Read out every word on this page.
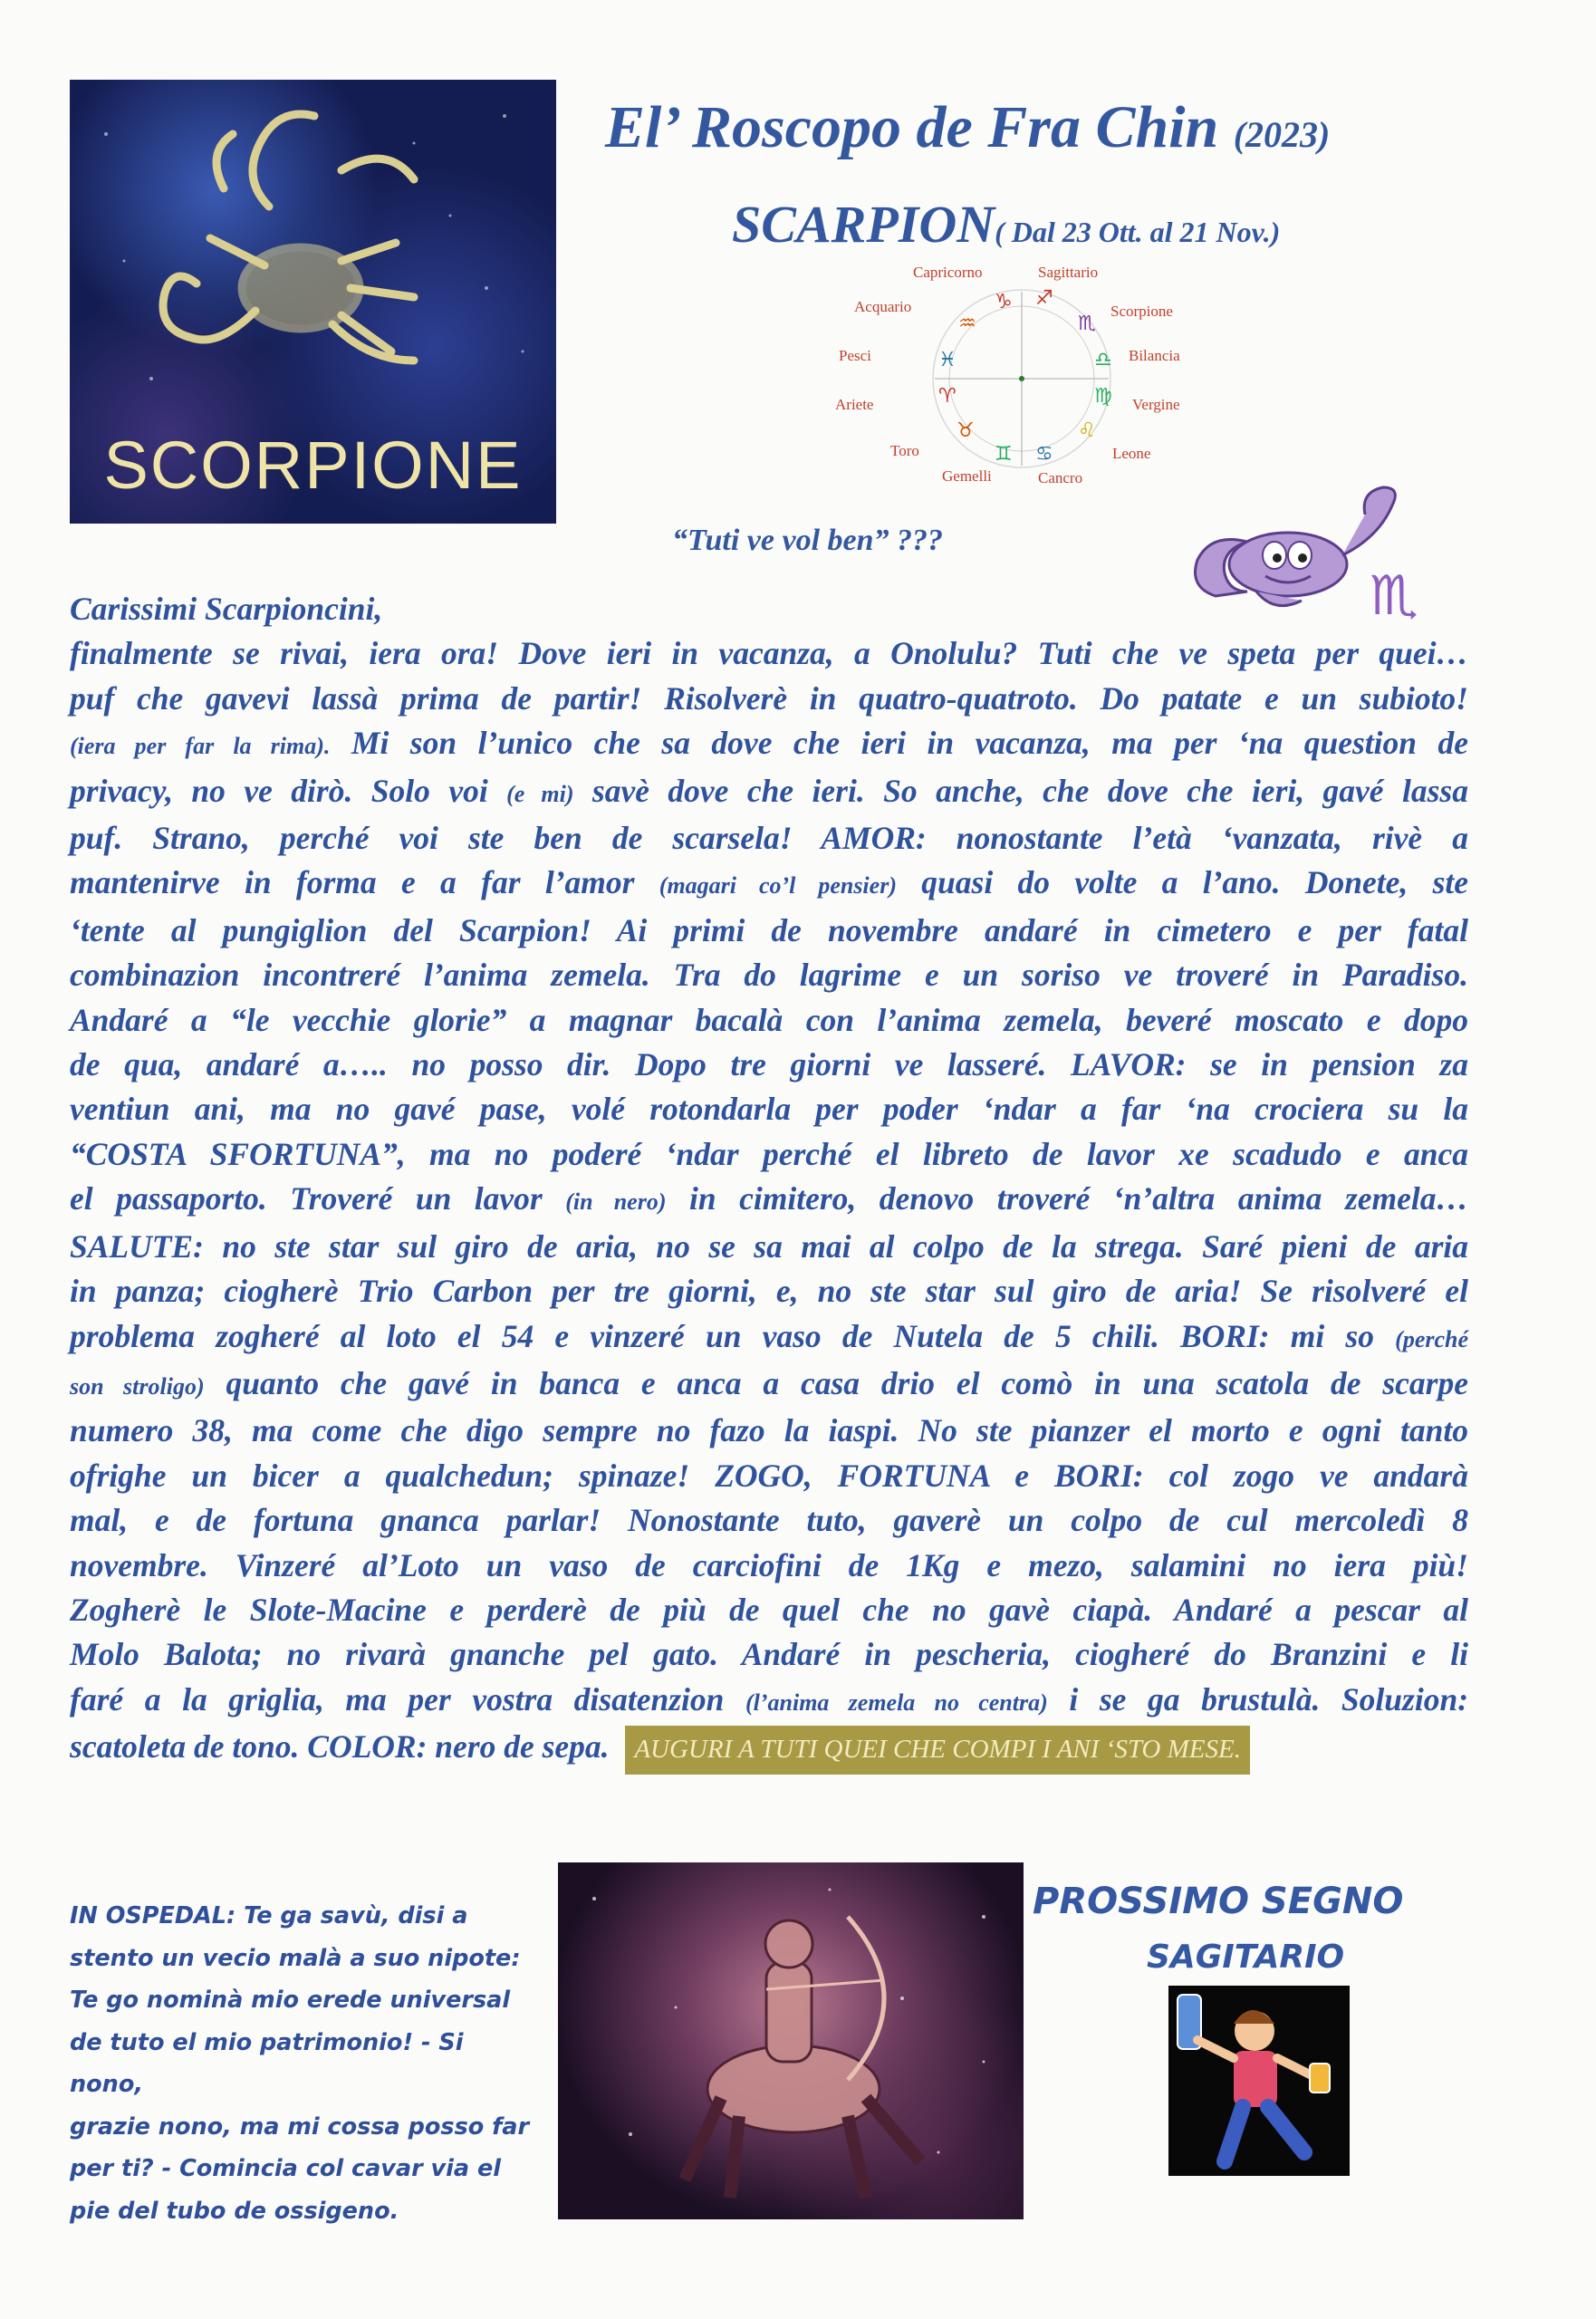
SCORPIONE
El’ Roscopo de Fra Chin (2023)
SCARPION( Dal 23 Ott. al 21 Nov.)
♑ ♐
♒	♏
♓	♎
♈	♍
♉	♌
♊ ♋
Capricorno	Sagittario
Acquario	Scorpione
Pesci	Bilancia
Ariete	Vergine
Toro	Leone
Gemelli	Cancro
“Tuti ve vol ben” ???
♏
Carissimi Scarpioncini,
finalmente se rivai, iera ora! Dove ieri in vacanza, a Onolulu? Tuti che ve speta per quei…
puf che gavevi lassà prima de partir! Risolverè in quatro-quatroto. Do patate e un subioto!
(iera per far la rima). Mi son l’unico che sa dove che ieri in vacanza, ma per ‘na question de
privacy, no ve dirò. Solo voi (e mi) savè dove che ieri. So anche, che dove che ieri, gavé lassa
puf. Strano, perché voi ste ben de scarsela! AMOR: nonostante l’età ‘vanzata, rivè a
mantenirve in forma e a far l’amor (magari co’l pensier) quasi do volte a l’ano. Donete, ste
‘tente al pungiglion del Scarpion! Ai primi de novembre andaré in cimetero e per fatal
combinazion incontreré l’anima zemela. Tra do lagrime e un soriso ve troveré in Paradiso.
Andaré a “le vecchie glorie” a magnar bacalà con l’anima zemela, beveré moscato e dopo
de qua, andaré a….. no posso dir. Dopo tre giorni ve lasseré. LAVOR: se in pension za
ventiun ani, ma no gavé pase, volé rotondarla per poder ‘ndar a far ‘na crociera su la
“COSTA SFORTUNA”, ma no poderé ‘ndar perché el libreto de lavor xe scadudo e anca
el passaporto. Troveré un lavor (in nero) in cimitero, denovo troveré ‘n’altra anima zemela…
SALUTE: no ste star sul giro de aria, no se sa mai al colpo de la strega. Saré pieni de aria
in panza; ciogherè Trio Carbon per tre giorni, e, no ste star sul giro de aria! Se risolveré el
problema zogheré al loto el 54 e vinzeré un vaso de Nutela de 5 chili. BORI: mi so (perché
son stroligo) quanto che gavé in banca e anca a casa drio el comò in una scatola de scarpe
numero 38, ma come che digo sempre no fazo la iaspi. No ste pianzer el morto e ogni tanto
ofrighe un bicer a qualchedun; spinaze! ZOGO, FORTUNA e BORI: col zogo ve andarà
mal, e de fortuna gnanca parlar! Nonostante tuto, gaverè un colpo de cul mercoledì 8
novembre. Vinzeré al’Loto un vaso de carciofini de 1Kg e mezo, salamini no iera più!
Zogherè le Slote-Macine e perderè de più de quel che no gavè ciapà. Andaré a pescar al
Molo Balota; no rivarà gnanche pel gato. Andaré in pescheria, ciogheré do Branzini e li
faré a la griglia, ma per vostra disatenzion (l’anima zemela no centra) i se ga brustulà. Soluzion:
scatoleta de tono. COLOR: nero de sepa. AUGURI A TUTI QUEI CHE COMPI I ANI ‘STO MESE.
IN OSPEDAL: Te ga savù, disi a
stento un vecio malà a suo nipote:
Te go nominà mio erede universal
de tuto el mio patrimonio! - Si nono,
grazie nono, ma mi cossa posso far
per ti? - Comincia col cavar via el
pie del tubo de ossigeno.
PROSSIMO SEGNO
SAGITARIO
